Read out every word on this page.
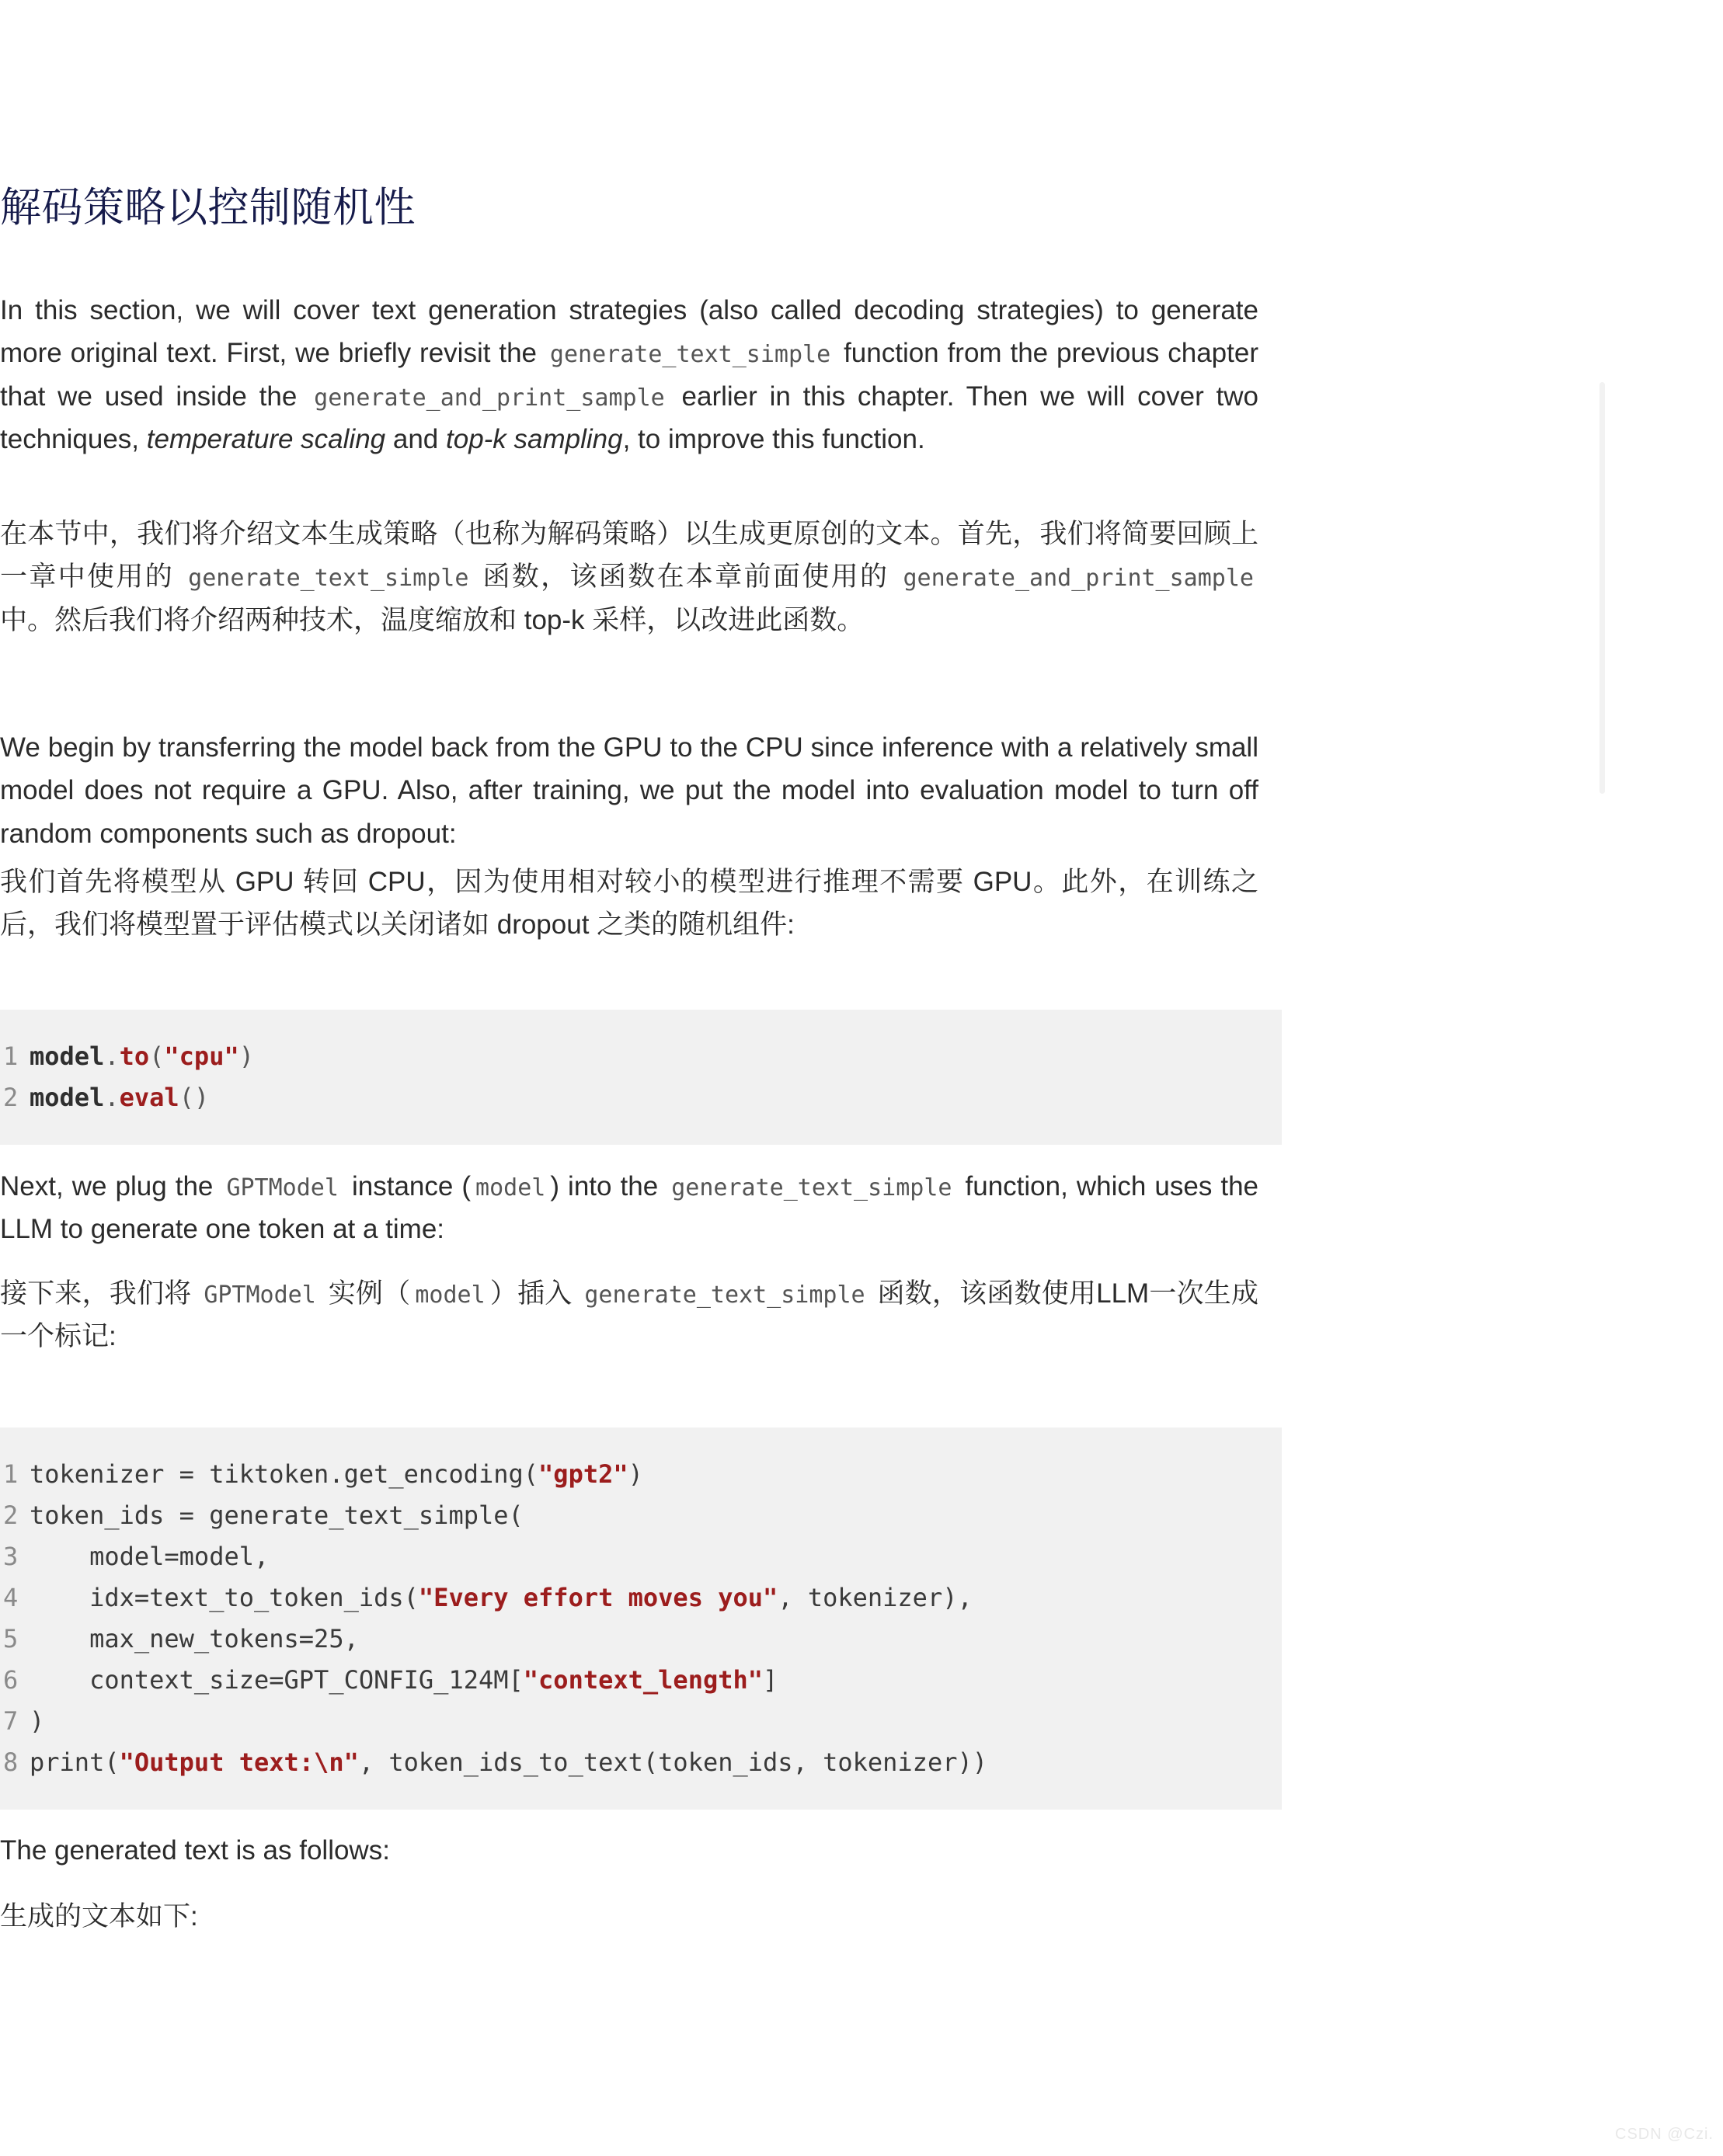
解码策略以控制随机性

In this section, we will cover text generation strategies (also called decoding strategies) to generate more original text. First, we briefly revisit the generate_text_simple function from the previous chapter that we used inside the generate_and_print_sample earlier in this chapter. Then we will cover two techniques, temperature scaling and top-k sampling, to improve this function.

在本节中，我们将介绍文本生成策略（也称为解码策略）以生成更原创的文本。首先，我们将简要回顾上一章中使用的 generate_text_simple 函数，该函数在本章前面使用的 generate_and_print_sample 中。然后我们将介绍两种技术，温度缩放和 top-k 采样，以改进此函数。

We begin by transferring the model back from the GPU to the CPU since inference with a relatively small model does not require a GPU. Also, after training, we put the model into evaluation model to turn off random components such as dropout:

我们首先将模型从 GPU 转回 CPU，因为使用相对较小的模型进行推理不需要 GPU。此外，在训练之后，我们将模型置于评估模式以关闭诸如 dropout 之类的随机组件:

1 model.to("cpu")
2 model.eval()

Next, we plug the GPTModel instance ( model ) into the generate_text_simple function, which uses the LLM to generate one token at a time:

接下来，我们将 GPTModel 实例（ model ）插入 generate_text_simple 函数，该函数使用LLM一次生成一个标记:

1 tokenizer = tiktoken.get_encoding("gpt2")
2 token_ids = generate_text_simple(
3    model=model,
4    idx=text_to_token_ids("Every effort moves you", tokenizer),
5    max_new_tokens=25,
6    context_size=GPT_CONFIG_124M["context_length"]
7 )
8 print("Output text:\n", token_ids_to_text(token_ids, tokenizer))

The generated text is as follows:

生成的文本如下:

CSDN @Czi.
